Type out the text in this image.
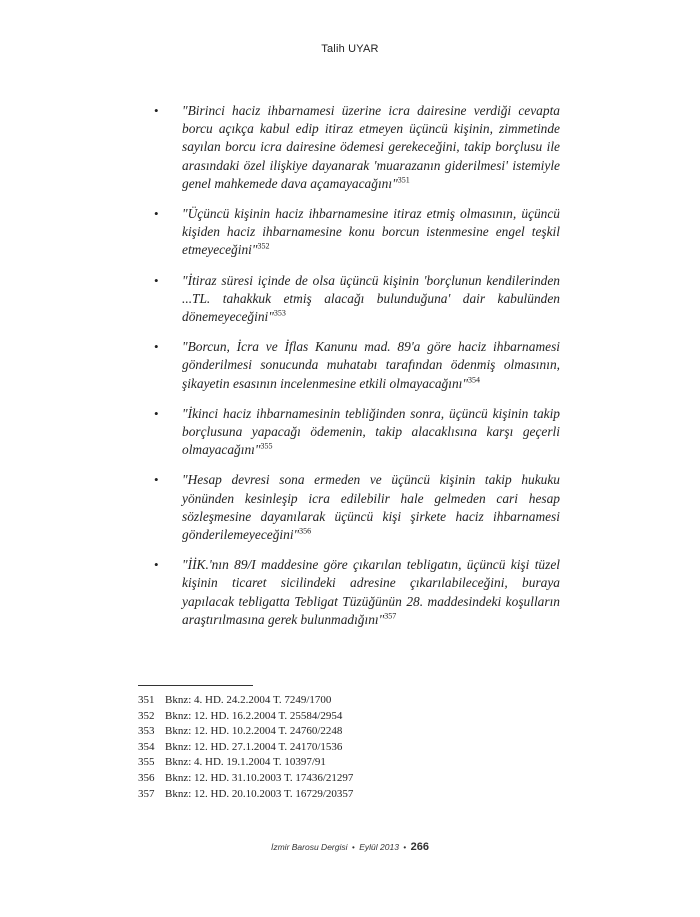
Talih UYAR
• "Birinci haciz ihbarnamesi üzerine icra dairesine verdiği cevapta borcu açıkça kabul edip itiraz etmeyen üçüncü kişinin, zimmetinde sayılan borcu icra dairesine ödemesi gerekeceğini, takip borçlusu ile arasındaki özel ilişkiye dayanarak 'muarazanın giderilmesi' istemiyle genel mahkemede dava açamayacağını"$^{351}$
• "Üçüncü kişinin haciz ihbarnamesine itiraz etmiş olmasının, üçüncü kişiden haciz ihbarnamesine konu borcun istenmesine engel teşkil etmeyeceğini"$^{352}$
• "İtiraz süresi içinde de olsa üçüncü kişinin 'borçlunun kendilerinden ...TL. tahakkuk etmiş alacağı bulunduğuna' dair kabulünden dönemeyeceğini"$^{353}$
• "Borcun, İcra ve İflas Kanunu mad. 89'a göre haciz ihbarnamesi gönderilmesi sonucunda muhatabı tarafından ödenmiş olmasının, şikayetin esasının incelenmesine etkili olmayacağını"$^{354}$
• "İkinci haciz ihbarnamesinin tebliğinden sonra, üçüncü kişinin takip borçlusuna yapacağı ödemenin, takip alacaklısına karşı geçerli olmayacağını"$^{355}$
• "Hesap devresi sona ermeden ve üçüncü kişinin takip hukuku yönünden kesinleşip icra edilebilir hale gelmeden cari hesap sözleşmesine dayanılarak üçüncü kişi şirkete haciz ihbarnamesi gönderilemeyeceğini"$^{356}$
• "İİK.'nın 89/I maddesine göre çıkarılan tebligatın, üçüncü kişi tüzel kişinin ticaret sicilindeki adresine çıkarılabileceğini, buraya yapılacak tebligatta Tebligat Tüzüğünün 28. maddesindeki koşulların araştırılmasına gerek bulunmadığını"$^{357}$
351 Bknz: 4. HD. 24.2.2004 T. 7249/1700
352 Bknz: 12. HD. 16.2.2004 T. 25584/2954
353 Bknz: 12. HD. 10.2.2004 T. 24760/2248
354 Bknz: 12. HD. 27.1.2004 T. 24170/1536
355 Bknz: 4. HD. 19.1.2004 T. 10397/91
356 Bknz: 12. HD. 31.10.2003 T. 17436/21297
357 Bknz: 12. HD. 20.10.2003 T. 16729/20357
İzmir Barosu Dergisi • Eylül 2013 • 266
